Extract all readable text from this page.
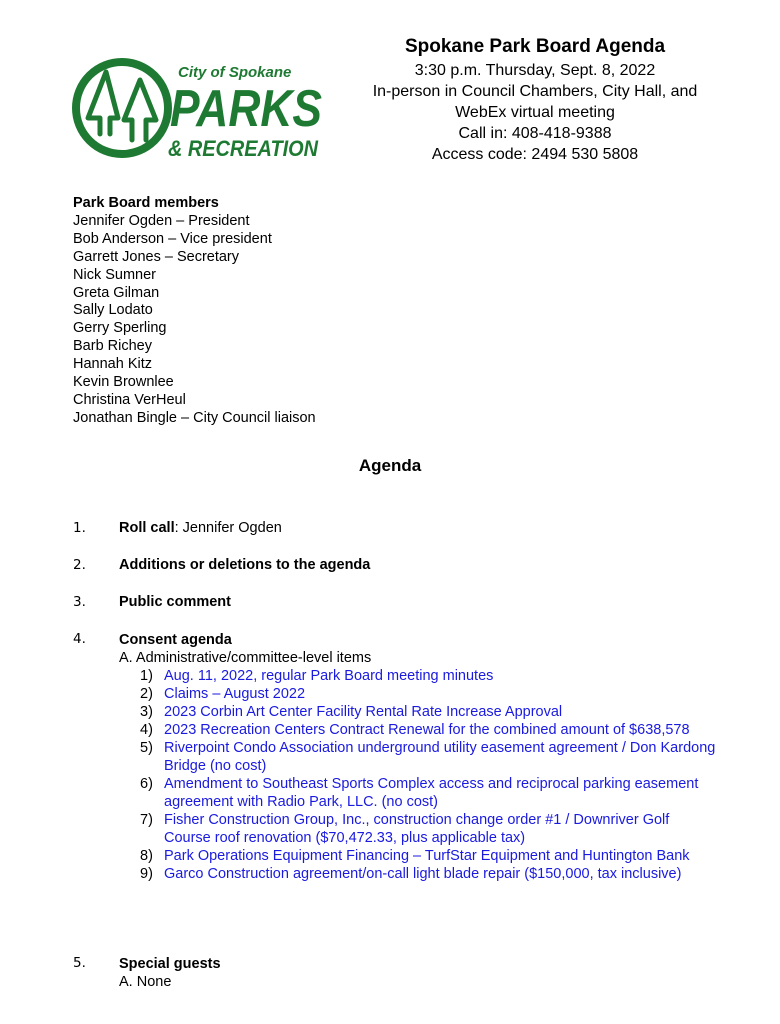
City of Spokane
PARKS
& RECREATION
Spokane Park Board Agenda
3:30 p.m. Thursday, Sept. 8, 2022
In-person in Council Chambers, City Hall, and
WebEx virtual meeting
Call in: 408-418-9388
Access code: 2494 530 5808
Park Board members
Jennifer Ogden – President
Bob Anderson – Vice president
Garrett Jones – Secretary
Nick Sumner
Greta Gilman
Sally Lodato
Gerry Sperling
Barb Richey
Hannah Kitz
Kevin Brownlee
Christina VerHeul
Jonathan Bingle – City Council liaison
Agenda
1. Roll call: Jennifer Ogden
2. Additions or deletions to the agenda
3. Public comment
4. Consent agenda
A. Administrative/committee-level items
1) Aug. 11, 2022, regular Park Board meeting minutes
2) Claims – August 2022
3) 2023 Corbin Art Center Facility Rental Rate Increase Approval
4) 2023 Recreation Centers Contract Renewal for the combined amount of $638,578
5) Riverpoint Condo Association underground utility easement agreement / Don Kardong Bridge (no cost)
6) Amendment to Southeast Sports Complex access and reciprocal parking easement agreement with Radio Park, LLC. (no cost)
7) Fisher Construction Group, Inc., construction change order #1 / Downriver Golf Course roof renovation ($70,472.33, plus applicable tax)
8) Park Operations Equipment Financing – TurfStar Equipment and Huntington Bank
9) Garco Construction agreement/on-call light blade repair ($150,000, tax inclusive)
5. Special guests
A. None
